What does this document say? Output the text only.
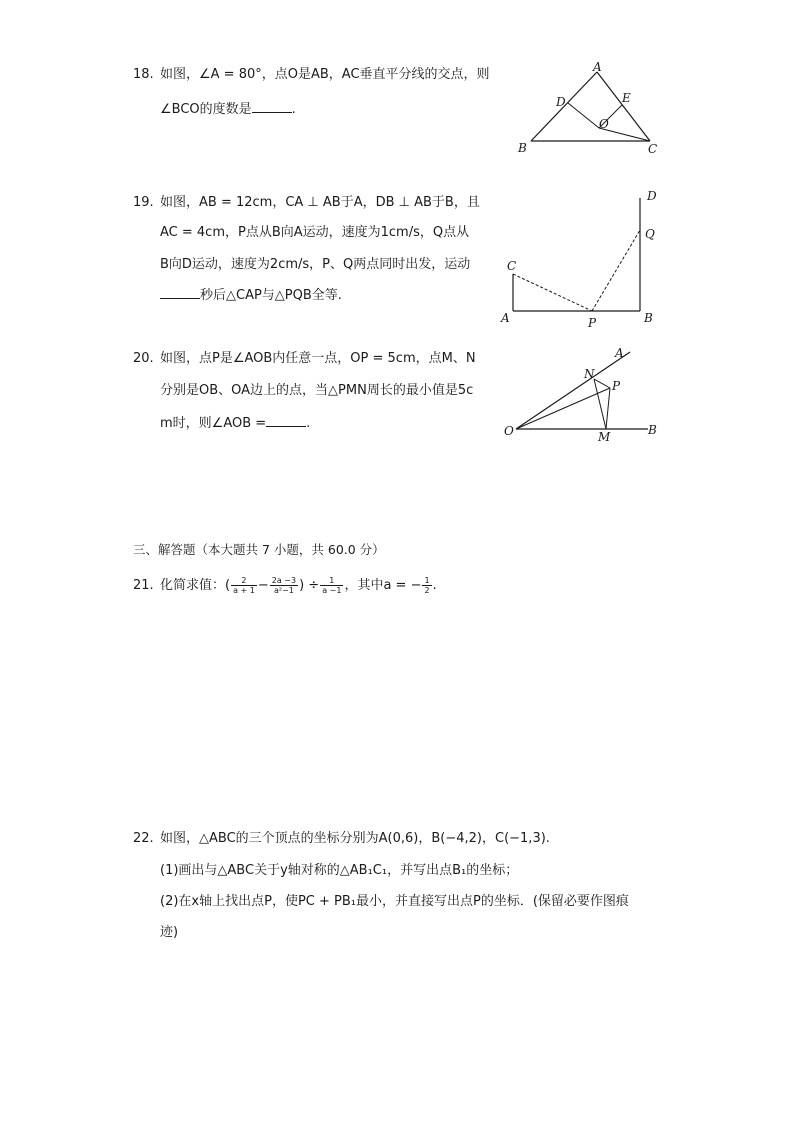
18. 如图，∠A = 80°，点O是AB，AC垂直平分线的交点，则
∠BCO的度数是	.
A
D	E
O
B	C
19. 如图，AB = 12cm，CA ⊥ AB于A，DB ⊥ AB于B，且
AC = 4cm，P点从B向A运动，速度为1cm/s，Q点从
B向D运动，速度为2cm/s，P、Q两点同时出发，运动
秒后△CAP与△PQB全等.
D
Q
C
A	P	B
20. 如图，点P是∠AOB内任意一点，OP = 5cm，点M、N
分别是OB、OA边上的点，当△PMN周长的最小值是5c
m时，则∠AOB =	.
A
N
P
O	M	B
三、解答题（本大题共 7 小题，共 60.0 分）
21. 化简求值：( $\frac{2}{a + 1} - \frac{2a -3}{\text{a²−1}}$ ) ÷ $\frac{1}{a -1}$ ，其中a = − $\frac{1}{2}$ .
22. 如图，△ABC的三个顶点的坐标分别为A(0,6)，B(−4,2)，C(−1,3).
(1)画出与△ABC关于y轴对称的△AB₁C₁，并写出点B₁的坐标；
(2)在x轴上找出点P，使PC + PB₁最小，并直接写出点P的坐标．(保留必要作图痕
迹)
